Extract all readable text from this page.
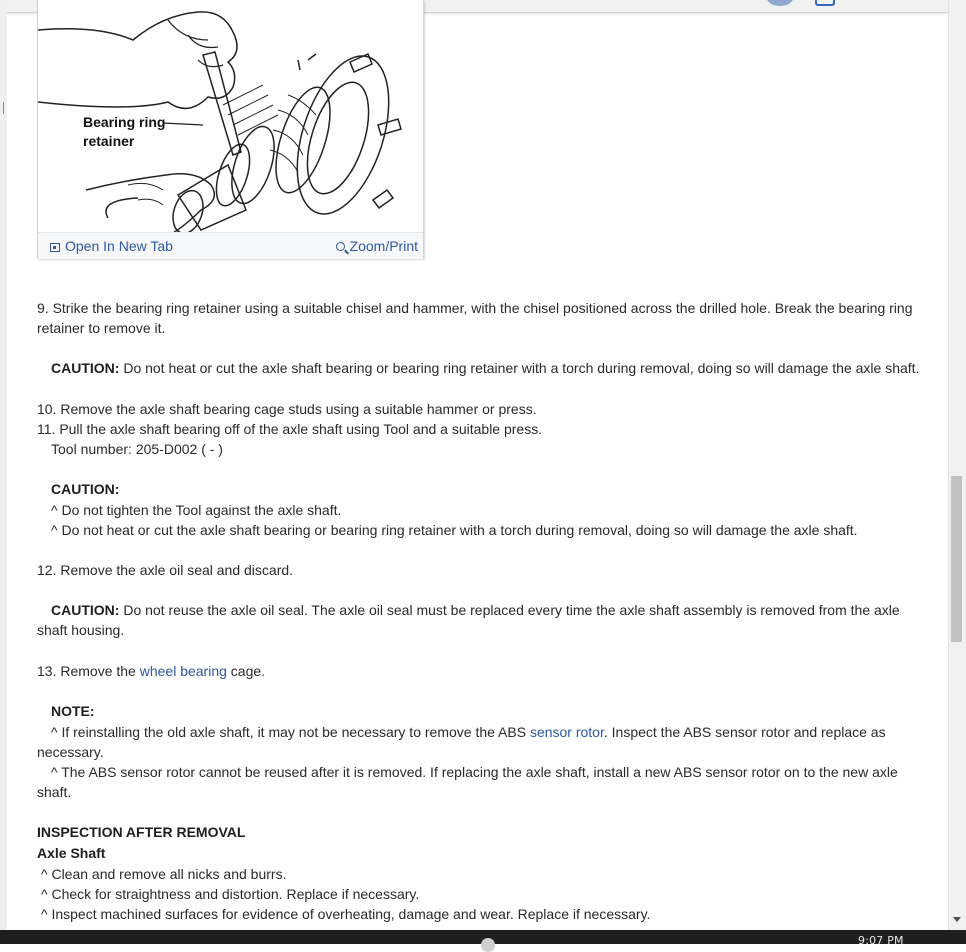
Bearing ring
retainer
Open In New Tab	Zoom/Print
9. Strike the bearing ring retainer using a suitable chisel and hammer, with the chisel positioned across the drilled hole. Break the bearing ring retainer to remove it.
CAUTION: Do not heat or cut the axle shaft bearing or bearing ring retainer with a torch during removal, doing so will damage the axle shaft.
10. Remove the axle shaft bearing cage studs using a suitable hammer or press.
11. Pull the axle shaft bearing off of the axle shaft using Tool and a suitable press.
Tool number: 205-D002 ( - )
CAUTION:
^ Do not tighten the Tool against the axle shaft.
^ Do not heat or cut the axle shaft bearing or bearing ring retainer with a torch during removal, doing so will damage the axle shaft.
12. Remove the axle oil seal and discard.
CAUTION: Do not reuse the axle oil seal. The axle oil seal must be replaced every time the axle shaft assembly is removed from the axle shaft housing.
13. Remove the wheel bearing cage.
NOTE:
^ If reinstalling the old axle shaft, it may not be necessary to remove the ABS sensor rotor. Inspect the ABS sensor rotor and replace as necessary.
^ The ABS sensor rotor cannot be reused after it is removed. If replacing the axle shaft, install a new ABS sensor rotor on to the new axle shaft.
INSPECTION AFTER REMOVAL
Axle Shaft
^ Clean and remove all nicks and burrs.
^ Check for straightness and distortion. Replace if necessary.
^ Inspect machined surfaces for evidence of overheating, damage and wear. Replace if necessary.
9:07 PM
